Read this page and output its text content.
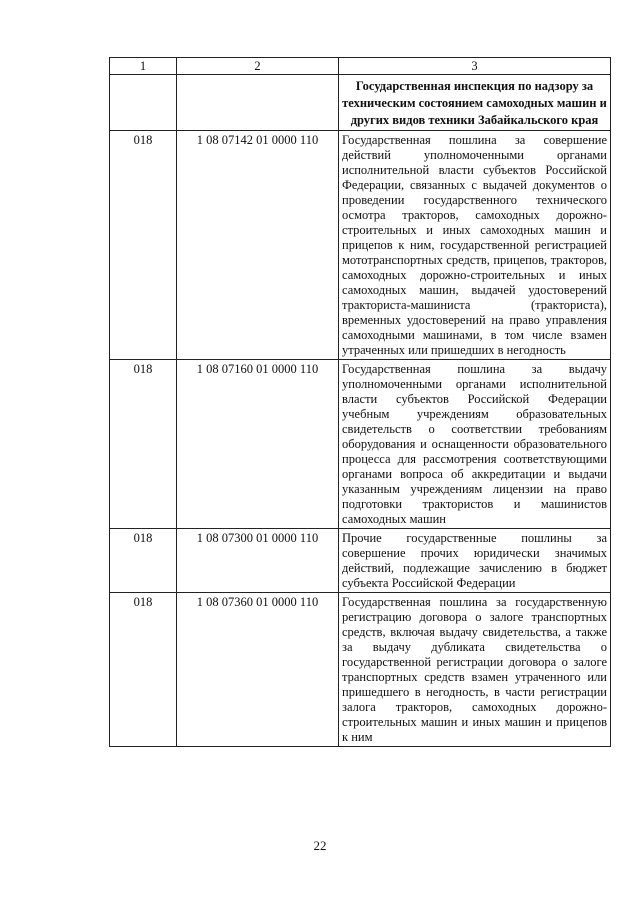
1	2	3
		Государственная инспекция по надзору за техническим состоянием самоходных машин и других видов техники Забайкальского края
018	1 08 07142 01 0000 110	Государственная пошлина за совершение действий уполномоченными органами исполнительной власти субъектов Российской Федерации, связанных с выдачей документов о проведении государственного технического осмотра тракторов, самоходных дорожно-строительных и иных самоходных машин и прицепов к ним, государственной регистрацией мототранспортных средств, прицепов, тракторов, самоходных дорожно-строительных и иных самоходных машин, выдачей удостоверений тракториста-машиниста (тракториста), временных удостоверений на право управления самоходными машинами, в том числе взамен утраченных или пришедших в негодность
018	1 08 07160 01 0000 110	Государственная пошлина за выдачу уполномоченными органами исполнительной власти субъектов Российской Федерации учебным учреждениям образовательных свидетельств о соответствии требованиям оборудования и оснащенности образовательного процесса для рассмотрения соответствующими органами вопроса об аккредитации и выдачи указанным учреждениям лицензии на право подготовки трактористов и машинистов самоходных машин
018	1 08 07300 01 0000 110	Прочие государственные пошлины за совершение прочих юридически значимых действий, подлежащие зачислению в бюджет субъекта Российской Федерации
018	1 08 07360 01 0000 110	Государственная пошлина за государственную регистрацию договора о залоге транспортных средств, включая выдачу свидетельства, а также за выдачу дубликата свидетельства о государственной регистрации договора о залоге транспортных средств взамен утраченного или пришедшего в негодность, в части регистрации залога тракторов, самоходных дорожно-строительных машин и иных машин и прицепов к ним
22
